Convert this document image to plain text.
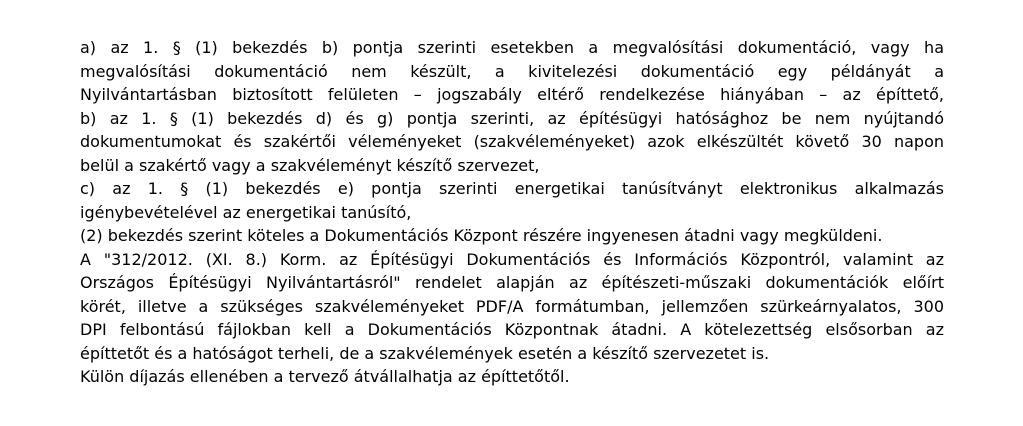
a) az 1. § (1) bekezdés b) pontja szerinti esetekben a megvalósítási dokumentáció, vagy ha
megvalósítási dokumentáció nem készült, a kivitelezési dokumentáció egy példányát a
Nyilvántartásban biztosított felületen – jogszabály eltérő rendelkezése hiányában – az építtető,
b) az 1. § (1) bekezdés d) és g) pontja szerinti, az építésügyi hatósághoz be nem nyújtandó
dokumentumokat és szakértői véleményeket (szakvéleményeket) azok elkészültét követő 30 napon
belül a szakértő vagy a szakvéleményt készítő szervezet,
c) az 1. § (1) bekezdés e) pontja szerinti energetikai tanúsítványt elektronikus alkalmazás
igénybevételével az energetikai tanúsító,
(2) bekezdés szerint köteles a Dokumentációs Központ részére ingyenesen átadni vagy megküldeni.
A "312/2012. (XI. 8.) Korm. az Építésügyi Dokumentációs és Információs Központról, valamint az
Országos Építésügyi Nyilvántartásról" rendelet alapján az építészeti-műszaki dokumentációk előírt
körét, illetve a szükséges szakvéleményeket PDF/A formátumban, jellemzően szürkeárnyalatos, 300
DPI felbontású fájlokban kell a Dokumentációs Központnak átadni. A kötelezettség elsősorban az
építtetőt és a hatóságot terheli, de a szakvélemények esetén a készítő szervezetet is.
Külön díjazás ellenében a tervező átvállalhatja az építtetőtől.
